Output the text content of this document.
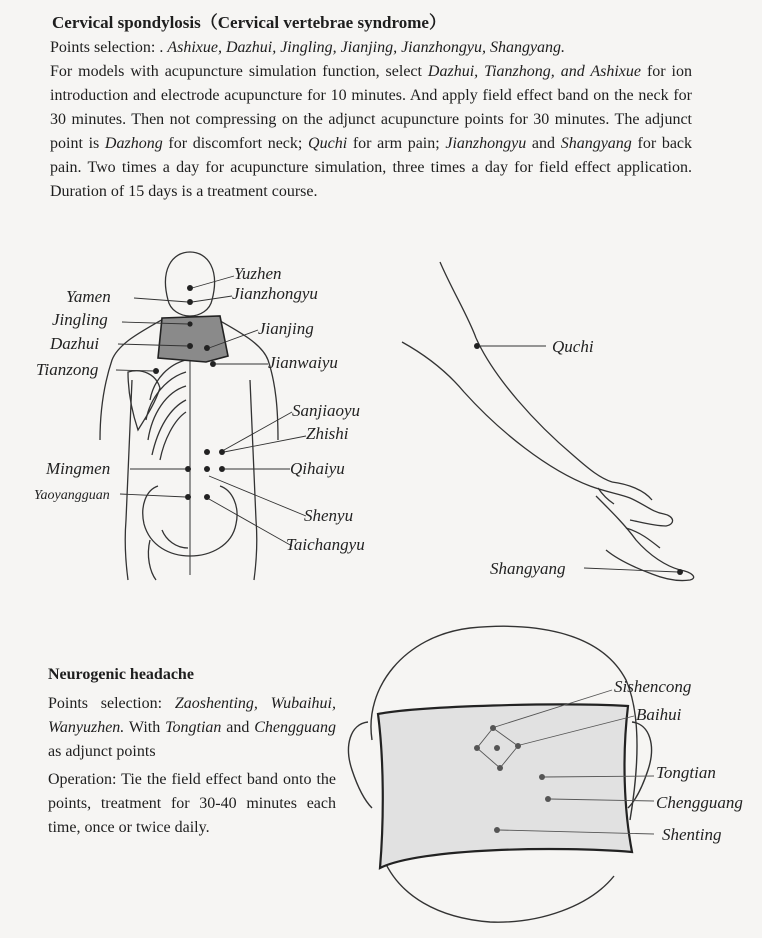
Cervical spondylosis（Cervical vertebrae syndrome）
Points selection: . Ashixue, Dazhui, Jingling, Jianjing, Jianzhongyu, Shangyang.
For models with acupuncture simulation function, select Dazhui, Tianzhong, and Ashixue for ion introduction and electrode acupuncture for 10 minutes. And apply field effect band on the neck for 30 minutes. Then not compressing on the adjunct acupuncture points for 30 minutes. The adjunct point is Dazhong for discomfort neck; Quchi for arm pain; Jianzhongyu and Shangyang for back pain. Two times a day for acupuncture simulation, three times a day for field effect application. Duration of 15 days is a treatment course.
Yuzhen
Jianzhongyu
Yamen
Jingling	Jianjing
Dazhui
Jianwaiyu
Tianzong
Sanjiaoyu
Zhishi
Mingmen	Qihaiyu
Yaoyangguan
Shenyu
Taichangyu
Quchi
Shangyang
Sishencong
Baihui
Tongtian
Chengguang
Shenting
Neurogenic headache

Points selection: Zaoshenting, Wubaihui, Wanyuzhen. With Tongtian and Chengguang as adjunct points

Operation: Tie the field effect band onto the points, treatment for 30-40 minutes each time, once or twice daily.
